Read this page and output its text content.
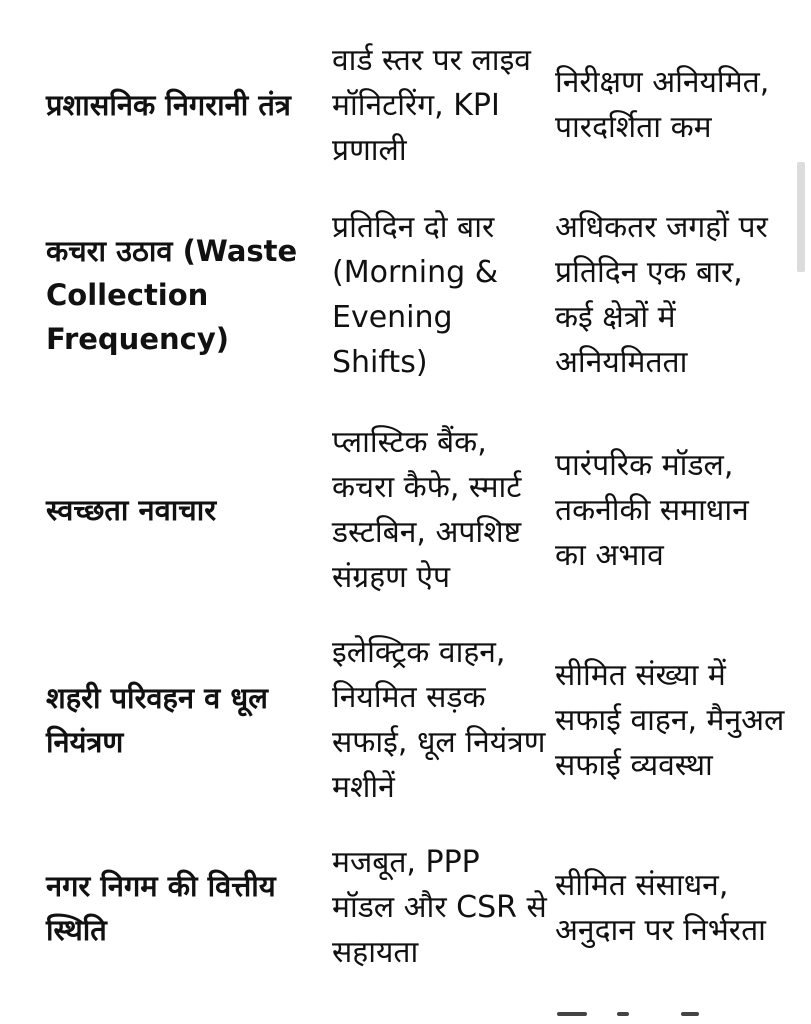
प्रशासनिक निगरानी तंत्र
वार्ड स्तर पर लाइव मॉनिटरिंग, KPI प्रणाली
निरीक्षण अनियमित, पारदर्शिता कम
कचरा उठाव (Waste Collection Frequency)
प्रतिदिन दो बार (Morning & Evening Shifts)
अधिकतर जगहों पर प्रतिदिन एक बार, कई क्षेत्रों में अनियमितता
स्वच्छता नवाचार
प्लास्टिक बैंक, कचरा कैफे, स्मार्ट डस्टबिन, अपशिष्ट संग्रहण ऐप
पारंपरिक मॉडल, तकनीकी समाधान का अभाव
शहरी परिवहन व धूल नियंत्रण
इलेक्ट्रिक वाहन, नियमित सड़क सफाई, धूल नियंत्रण मशीनें
सीमित संख्या में सफाई वाहन, मैनुअल सफाई व्यवस्था
नगर निगम की वित्तीय स्थिति
मजबूत, PPP मॉडल और CSR से सहायता
सीमित संसाधन, अनुदान पर निर्भरता
